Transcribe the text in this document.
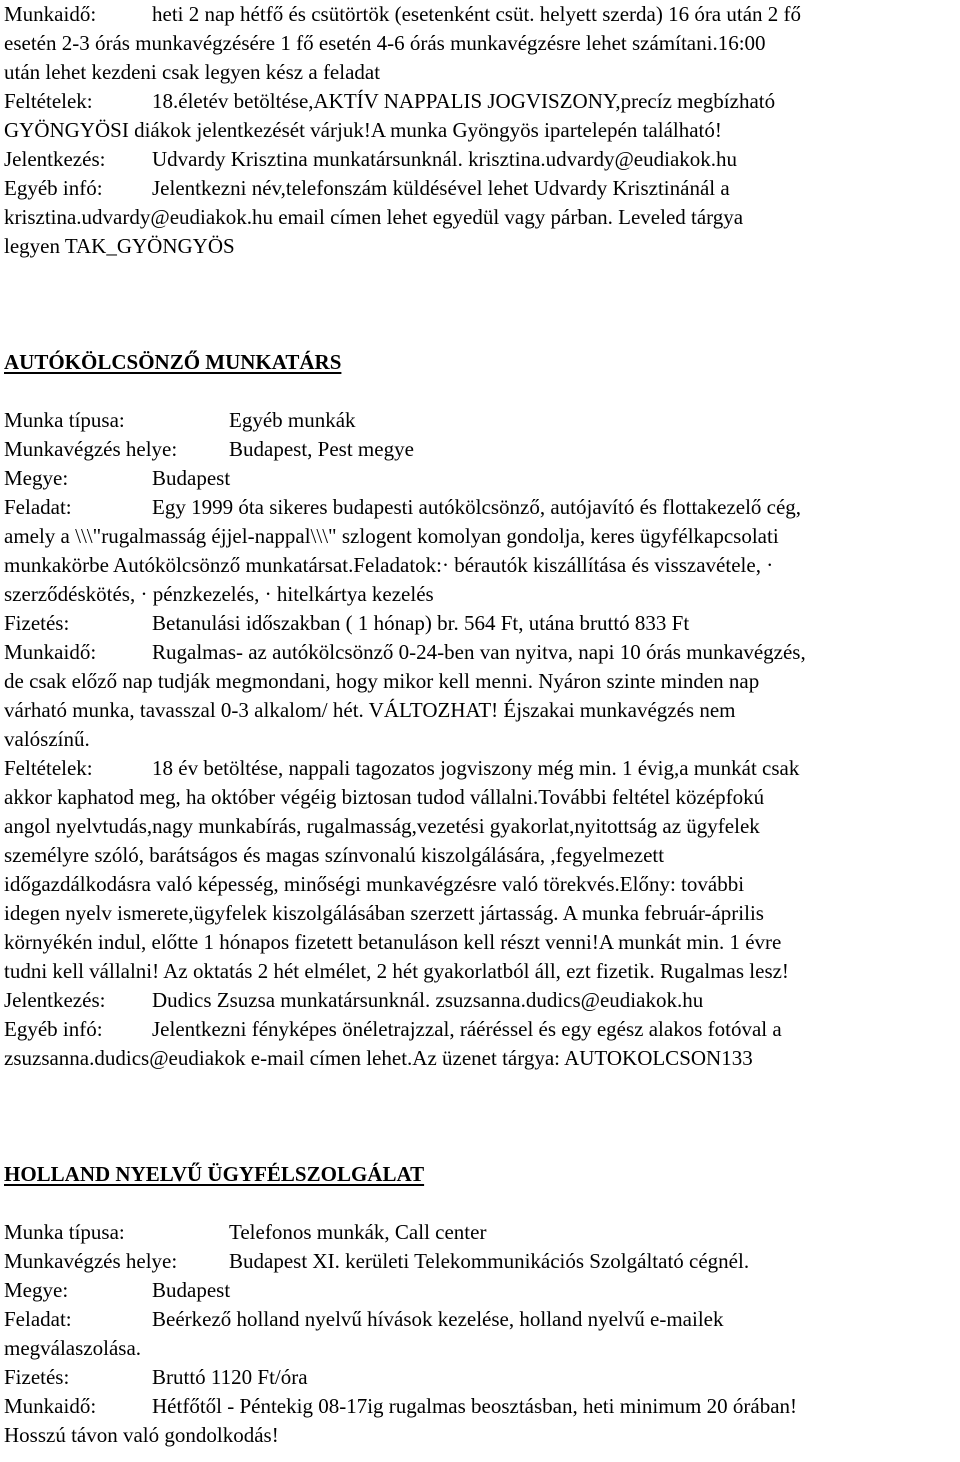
Munkaidő:	heti 2 nap hétfő és csütörtök (esetenként csüt. helyett szerda) 16 óra után 2 fő

esetén 2-3 órás munkavégzésére 1 fő esetén 4-6 órás munkavégzésre lehet számítani.16:00

után lehet kezdeni csak legyen kész a feladat

Feltételek:	18.életév betöltése,AKTÍV NAPPALIS JOGVISZONY,precíz megbízható

GYÖNGYÖSI diákok jelentkezését várjuk!A munka Gyöngyös ipartelepén található!

Jelentkezés: Udvardy Krisztina munkatársunknál. krisztina.udvardy@eudiakok.hu

Egyéb infó: Jelentkezni név,telefonszám küldésével lehet Udvardy Krisztinánál a

krisztina.udvardy@eudiakok.hu email címen lehet egyedül vagy párban. Leveled tárgya

legyen TAK_GYÖNGYÖS

AUTÓKÖLCSÖNZŐ MUNKATÁRS

Munka típusa:	Egyéb munkák

Munkavégzés helye: Budapest, Pest megye

Megye:	Budapest

Feladat:	Egy 1999 óta sikeres budapesti autókölcsönző, autójavító és flottakezelő cég,

amely a \\\"rugalmasság éjjel-nappal\\\" szlogent komolyan gondolja, keres ügyfélkapcsolati

munkakörbe Autókölcsönző munkatársat.Feladatok:· bérautók kiszállítása és visszavétele, ·

szerződéskötés, · pénzkezelés, · hitelkártya kezelés

Fizetés:	Betanulási időszakban ( 1 hónap) br. 564 Ft, utána bruttó 833 Ft

Munkaidő:	Rugalmas- az autókölcsönző 0-24-ben van nyitva, napi 10 órás munkavégzés,

de csak előző nap tudják megmondani, hogy mikor kell menni. Nyáron szinte minden nap

várható munka, tavasszal 0-3 alkalom/ hét. VÁLTOZHAT! Éjszakai munkavégzés nem

valószínű.

Feltételek:	18 év betöltése, nappali tagozatos jogviszony még min. 1 évig,a munkát csak

akkor kaphatod meg, ha október végéig biztosan tudod vállalni.További feltétel középfokú

angol nyelvtudás,nagy munkabírás, rugalmasság,vezetési gyakorlat,nyitottság az ügyfelek

személyre szóló, barátságos és magas színvonalú kiszolgálására, ,fegyelmezett

időgazdálkodásra való képesség, minőségi munkavégzésre való törekvés.Előny: további

idegen nyelv ismerete,ügyfelek kiszolgálásában szerzett jártasság. A munka február-április

környékén indul, előtte 1 hónapos fizetett betanuláson kell részt venni!A munkát min. 1 évre

tudni kell vállalni! Az oktatás 2 hét elmélet, 2 hét gyakorlatból áll, ezt fizetik. Rugalmas lesz!

Jelentkezés: Dudics Zsuzsa munkatársunknál. zsuzsanna.dudics@eudiakok.hu

Egyéb infó: Jelentkezni fényképes önéletrajzzal, ráéréssel és egy egész alakos fotóval a

zsuzsanna.dudics@eudiakok e-mail címen lehet.Az üzenet tárgya: AUTOKOLCSON133

HOLLAND NYELVŰ ÜGYFÉLSZOLGÁLAT

Munka típusa:	Telefonos munkák, Call center

Munkavégzés helye: Budapest XI. kerületi Telekommunikációs Szolgáltató cégnél.

Megye:	Budapest

Feladat:	Beérkező holland nyelvű hívások kezelése, holland nyelvű e-mailek

megválaszolása.

Fizetés:	Bruttó 1120 Ft/óra

Munkaidő:	Hétfőtől - Péntekig 08-17ig rugalmas beosztásban, heti minimum 20 órában!

Hosszú távon való gondolkodás!
